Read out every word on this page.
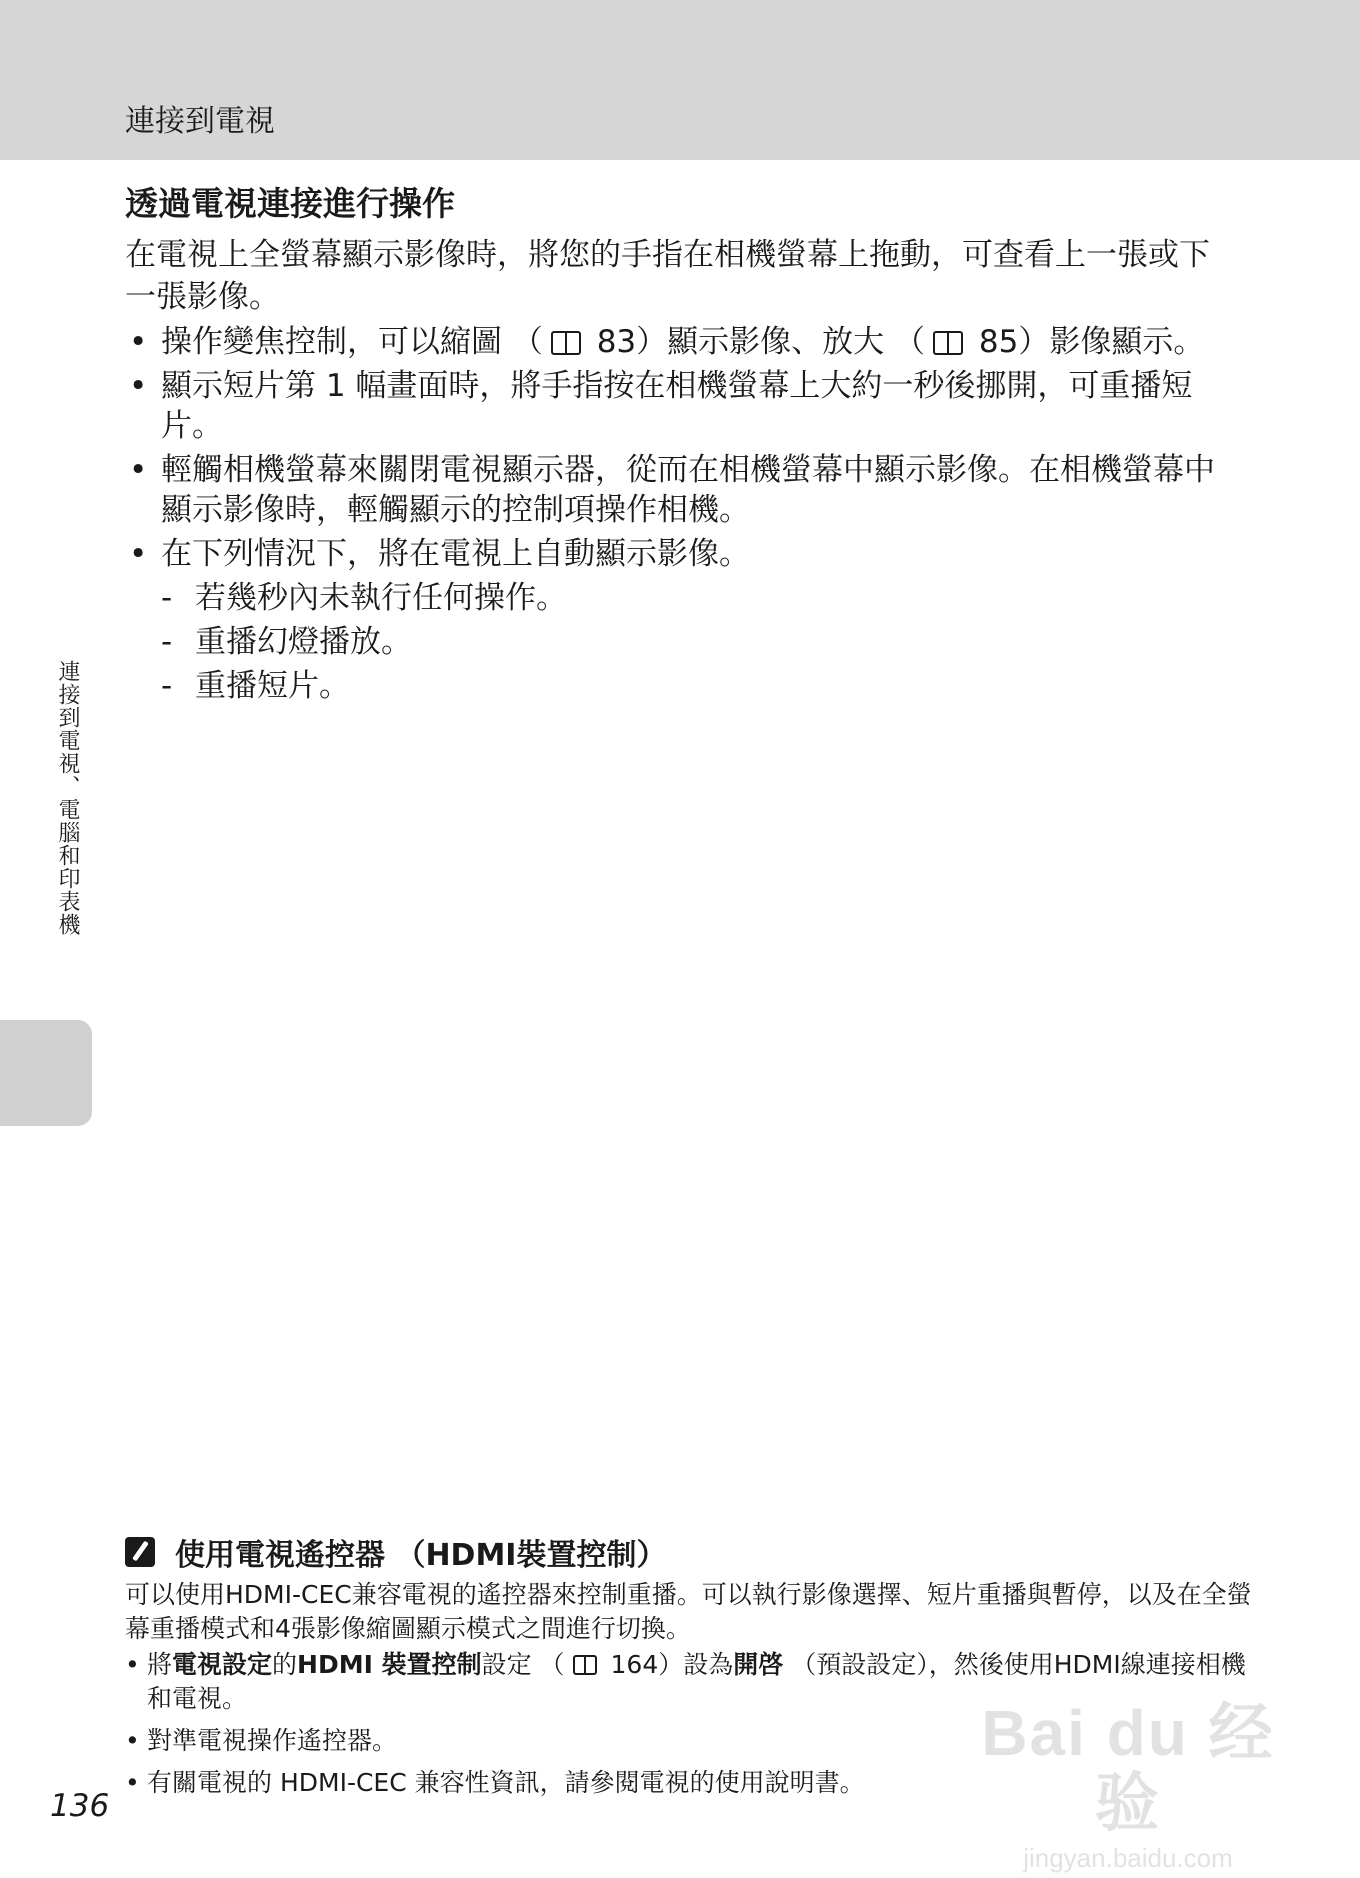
連接到電視
連接到電視、電腦和印表機
透過電視連接進行操作

在電視上全螢幕顯示影像時，將您的手指在相機螢幕上拖動，可查看上一張或下一張影像。

• 操作變焦控制，可以縮圖 （ 83）顯示影像、放大 （ 85）影像顯示。
• 顯示短片第 1 幅畫面時，將手指按在相機螢幕上大約一秒後挪開，可重播短片。
• 輕觸相機螢幕來關閉電視顯示器，從而在相機螢幕中顯示影像。在相機螢幕中顯示影像時，輕觸顯示的控制項操作相機。
• 在下列情況下，將在電視上自動顯示影像。
- 若幾秒內未執行任何操作。
- 重播幻燈播放。
- 重播短片。
使用電視遙控器 （HDMI裝置控制）

可以使用HDMI-CEC兼容電視的遙控器來控制重播。可以執行影像選擇、短片重播與暫停，以及在全螢幕重播模式和4張影像縮圖顯示模式之間進行切換。

• 將電視設定的HDMI 裝置控制設定 （ 164）設為開啓 （預設設定），然後使用HDMI線連接相機和電視。
• 對準電視操作遙控器。
• 有關電視的 HDMI-CEC 兼容性資訊，請參閱電視的使用說明書。
136
Bai du 经验
jingyan.baidu.com
